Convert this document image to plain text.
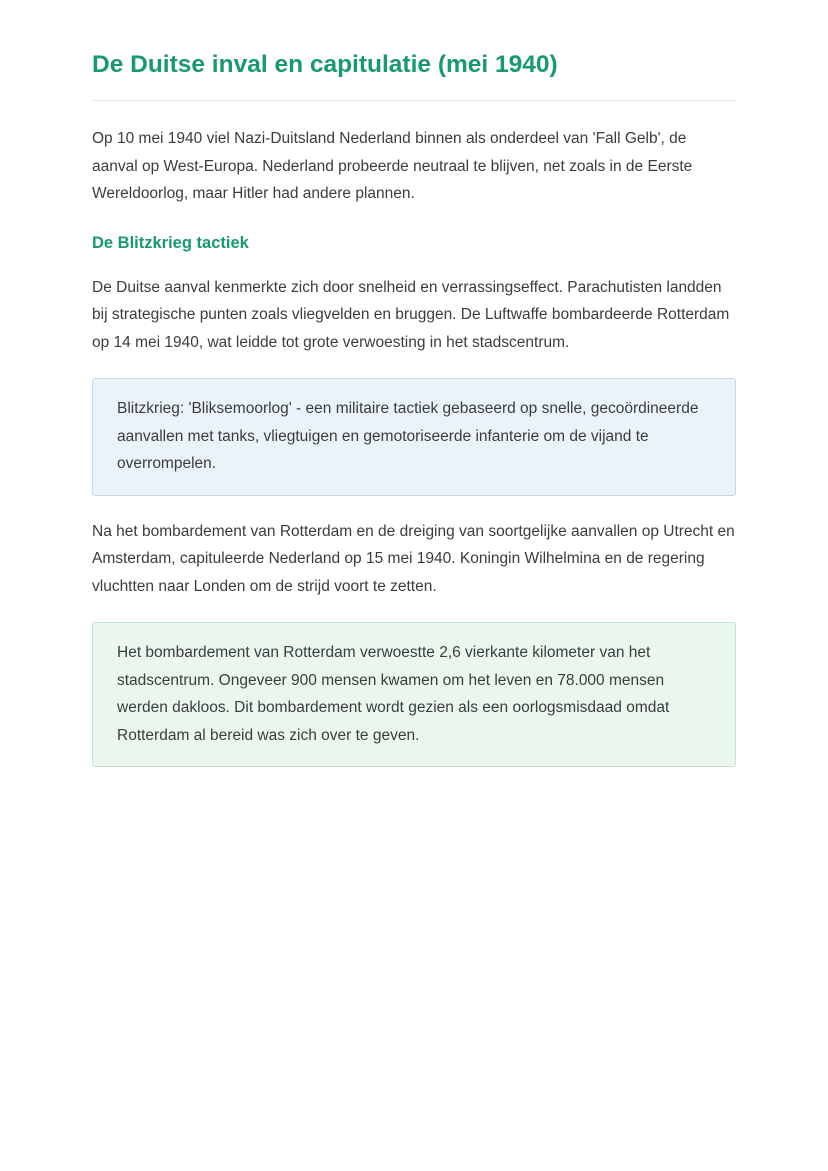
De Duitse inval en capitulatie (mei 1940)

Op 10 mei 1940 viel Nazi-Duitsland Nederland binnen als onderdeel van 'Fall Gelb', de aanval op West-Europa. Nederland probeerde neutraal te blijven, net zoals in de Eerste Wereldoorlog, maar Hitler had andere plannen.

De Blitzkrieg tactiek

De Duitse aanval kenmerkte zich door snelheid en verrassingseffect. Parachutisten landden bij strategische punten zoals vliegvelden en bruggen. De Luftwaffe bombardeerde Rotterdam op 14 mei 1940, wat leidde tot grote verwoesting in het stadscentrum.

Blitzkrieg: 'Bliksemoorlog' - een militaire tactiek gebaseerd op snelle, gecoördineerde aanvallen met tanks, vliegtuigen en gemotoriseerde infanterie om de vijand te overrompelen.

Na het bombardement van Rotterdam en de dreiging van soortgelijke aanvallen op Utrecht en Amsterdam, capituleerde Nederland op 15 mei 1940. Koningin Wilhelmina en de regering vluchtten naar Londen om de strijd voort te zetten.

Het bombardement van Rotterdam verwoestte 2,6 vierkante kilometer van het stadscentrum. Ongeveer 900 mensen kwamen om het leven en 78.000 mensen werden dakloos. Dit bombardement wordt gezien als een oorlogsmisdaad omdat Rotterdam al bereid was zich over te geven.
